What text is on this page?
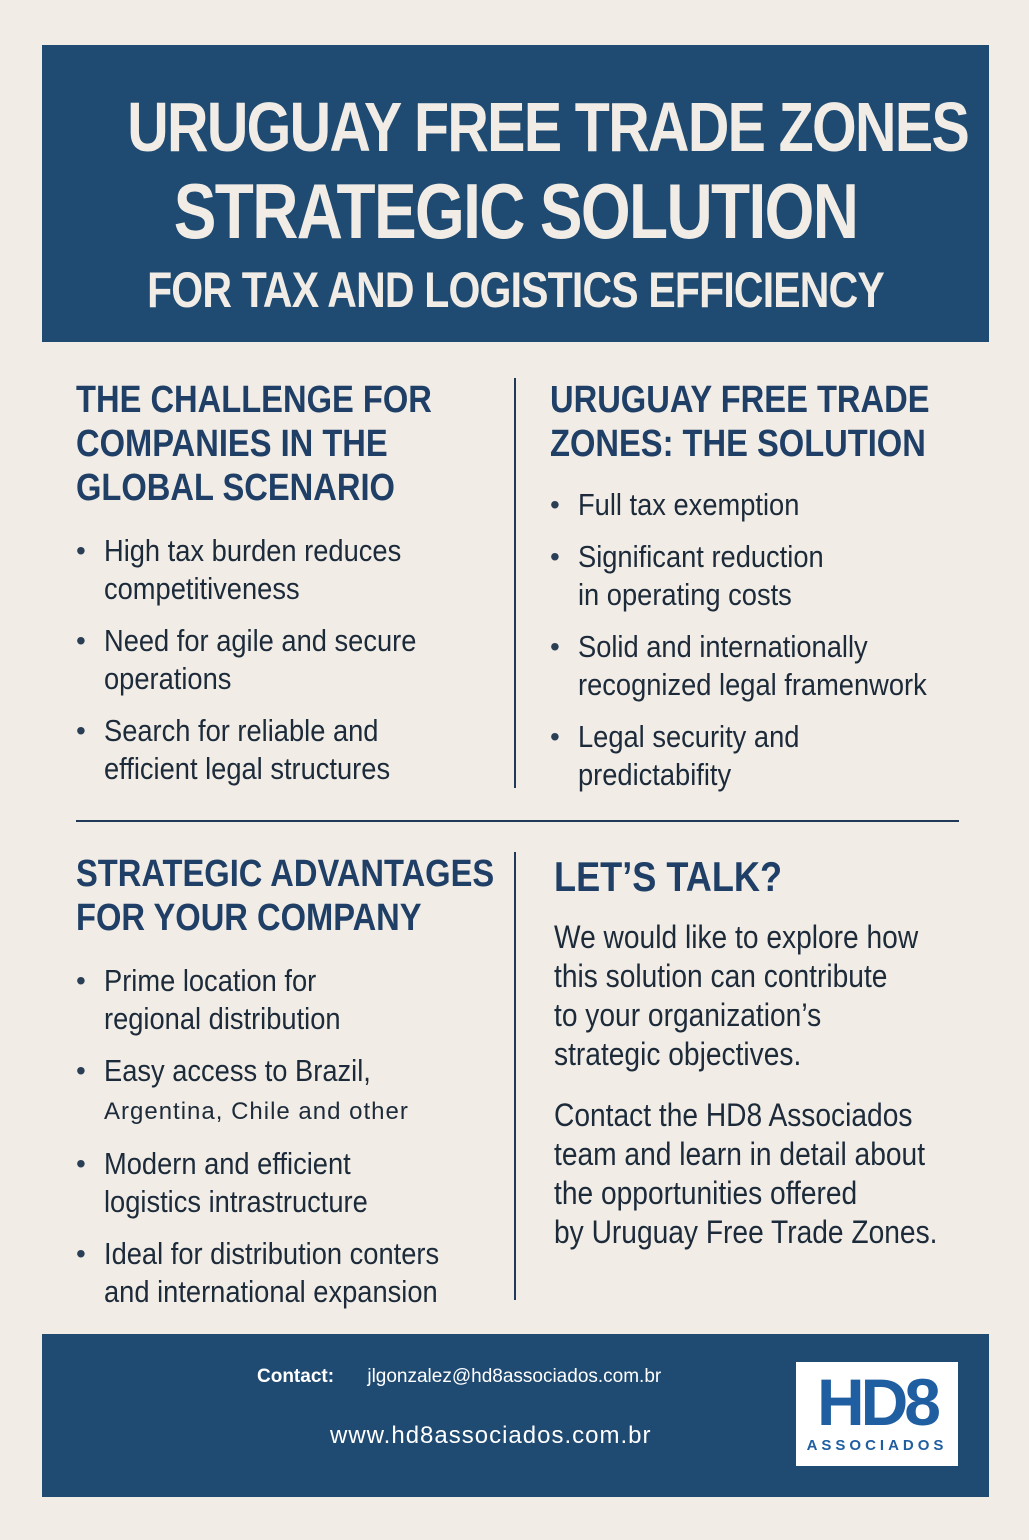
URUGUAY FREE TRADE ZONES
STRATEGIC SOLUTION
FOR TAX AND LOGISTICS EFFICIENCY

THE CHALLENGE FOR

COMPANIES IN THE

GLOBAL SCENARIO

• High tax burden reduces
competitiveness
• Need for agile and secure
operations
• Search for reliable and
efficient legal structures

URUGUAY FREE TRADE

ZONES: THE SOLUTION

• Full tax exemption
• Significant reduction
in operating costs
• Solid and internationally
recognized legal framenwork
• Legal security and
predictabifity

STRATEGIC ADVANTAGES

FOR YOUR COMPANY

• Prime location for
regional distribution
• Easy access to Brazil,
Argentina, Chile and other
• Modern and efficient
logistics intrastructure
• Ideal for distribution conters
and international expansion

LET’S TALK?

We would like to explore how

this solution can contribute

to your organization’s

strategic objectives.

Contact the HD8 Associados

team and learn in detail about

the opportunities offered

by Uruguay Free Trade Zones.

Contact: jlgonzalez@hd8associados.com.br
www.hd8associados.com.br	HD8
ASSOCIADOS
